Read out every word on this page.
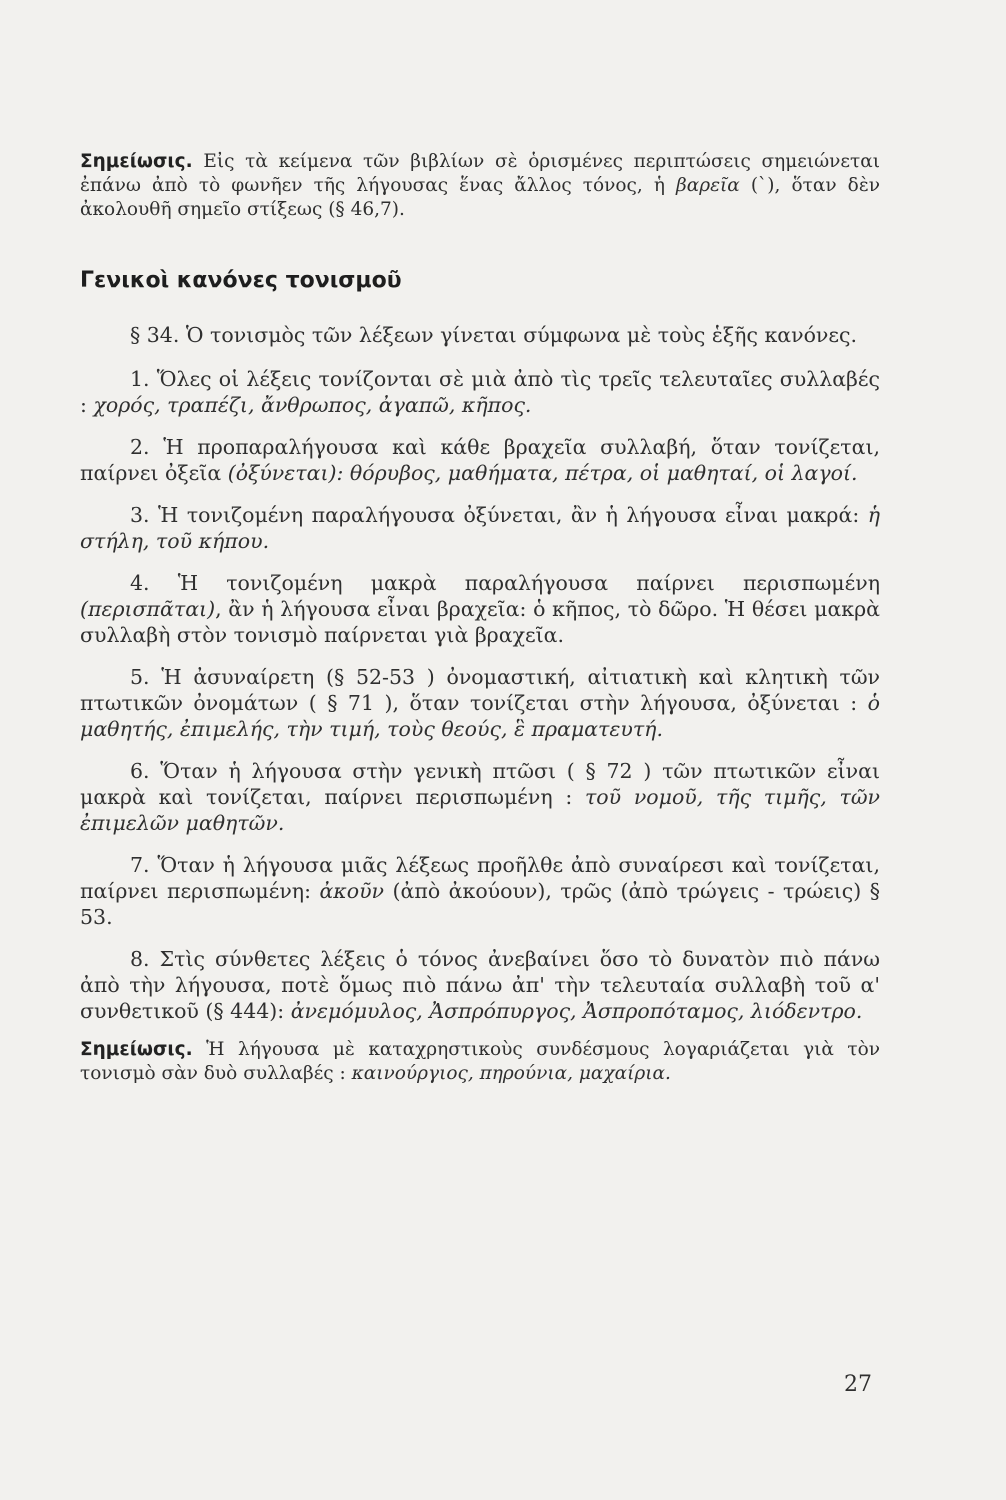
Σημείωσις. Εἰς τὰ κείμενα τῶν βιβλίων σὲ ὁρισμένες περιπτώσεις σημειώνεται ἐπάνω ἀπὸ τὸ φωνῆεν τῆς λήγουσας ἕνας ἄλλος τόνος, ἡ βαρεῖα (`), ὅταν δὲν ἀκολουθῆ σημεῖο στίξεως (§ 46,7).

Γενικοὶ κανόνες τονισμοῦ

§ 34. Ὁ τονισμὸς τῶν λέξεων γίνεται σύμφωνα μὲ τοὺς ἑξῆς κανόνες.

1. Ὅλες οἱ λέξεις τονίζονται σὲ μιὰ ἀπὸ τὶς τρεῖς τελευταῖες συλλαβές : χορός, τραπέζι, ἄνθρωπος, ἀγαπῶ, κῆπος.

2. Ἡ προπαραλήγουσα καὶ κάθε βραχεῖα συλλαβή, ὅταν τονίζεται, παίρνει ὀξεῖα (ὀξύνεται): θόρυβος, μαθήματα, πέτρα, οἱ μαθηταί, οἱ λαγοί.

3. Ἡ τονιζομένη παραλήγουσα ὀξύνεται, ἂν ἡ λήγουσα εἶναι μακρά: ἡ στήλη, τοῦ κήπου.

4. Ἡ τονιζομένη μακρὰ παραλήγουσα παίρνει περισπωμένη (περισπᾶται), ἂν ἡ λήγουσα εἶναι βραχεῖα: ὁ κῆπος, τὸ δῶρο. Ἡ θέσει μακρὰ συλλαβὴ στὸν τονισμὸ παίρνεται γιὰ βραχεῖα.

5. Ἡ ἀσυναίρετη (§ 52-53 ) ὀνομαστική, αἰτιατικὴ καὶ κλητικὴ τῶν πτωτικῶν ὀνομάτων ( § 71 ), ὅταν τονίζεται στὴν λήγουσα, ὀξύνεται : ὁ μαθητής, ἐπιμελής, τὴν τιμή, τοὺς θεούς, ἓ πραματευτή.

6. Ὅταν ἡ λήγουσα στὴν γενικὴ πτῶσι ( § 72 ) τῶν πτωτικῶν εἶναι μακρὰ καὶ τονίζεται, παίρνει περισπωμένη : τοῦ νομοῦ, τῆς τιμῆς, τῶν ἐπιμελῶν μαθητῶν.

7. Ὅταν ἡ λήγουσα μιᾶς λέξεως προῆλθε ἀπὸ συναίρεσι καὶ τονίζεται, παίρνει περισπωμένη: ἀκοῦν (ἀπὸ ἀκούουν), τρῶς (ἀπὸ τρώγεις - τρώεις) § 53.

8. Στὶς σύνθετες λέξεις ὁ τόνος ἀνεβαίνει ὅσο τὸ δυνατὸν πιὸ πάνω ἀπὸ τὴν λήγουσα, ποτὲ ὅμως πιὸ πάνω ἀπ' τὴν τελευταία συλλαβὴ τοῦ α' συνθετικοῦ (§ 444): ἀνεμόμυλος, Ἀσπρόπυργος, Ἀσπροπόταμος, λιόδεντρο.

Σημείωσις. Ἡ λήγουσα μὲ καταχρηστικοὺς συνδέσμους λογαριάζεται γιὰ τὸν τονισμὸ σὰν δυὸ συλλαβές : καινούργιος, πηρούνια, μαχαίρια.

27
